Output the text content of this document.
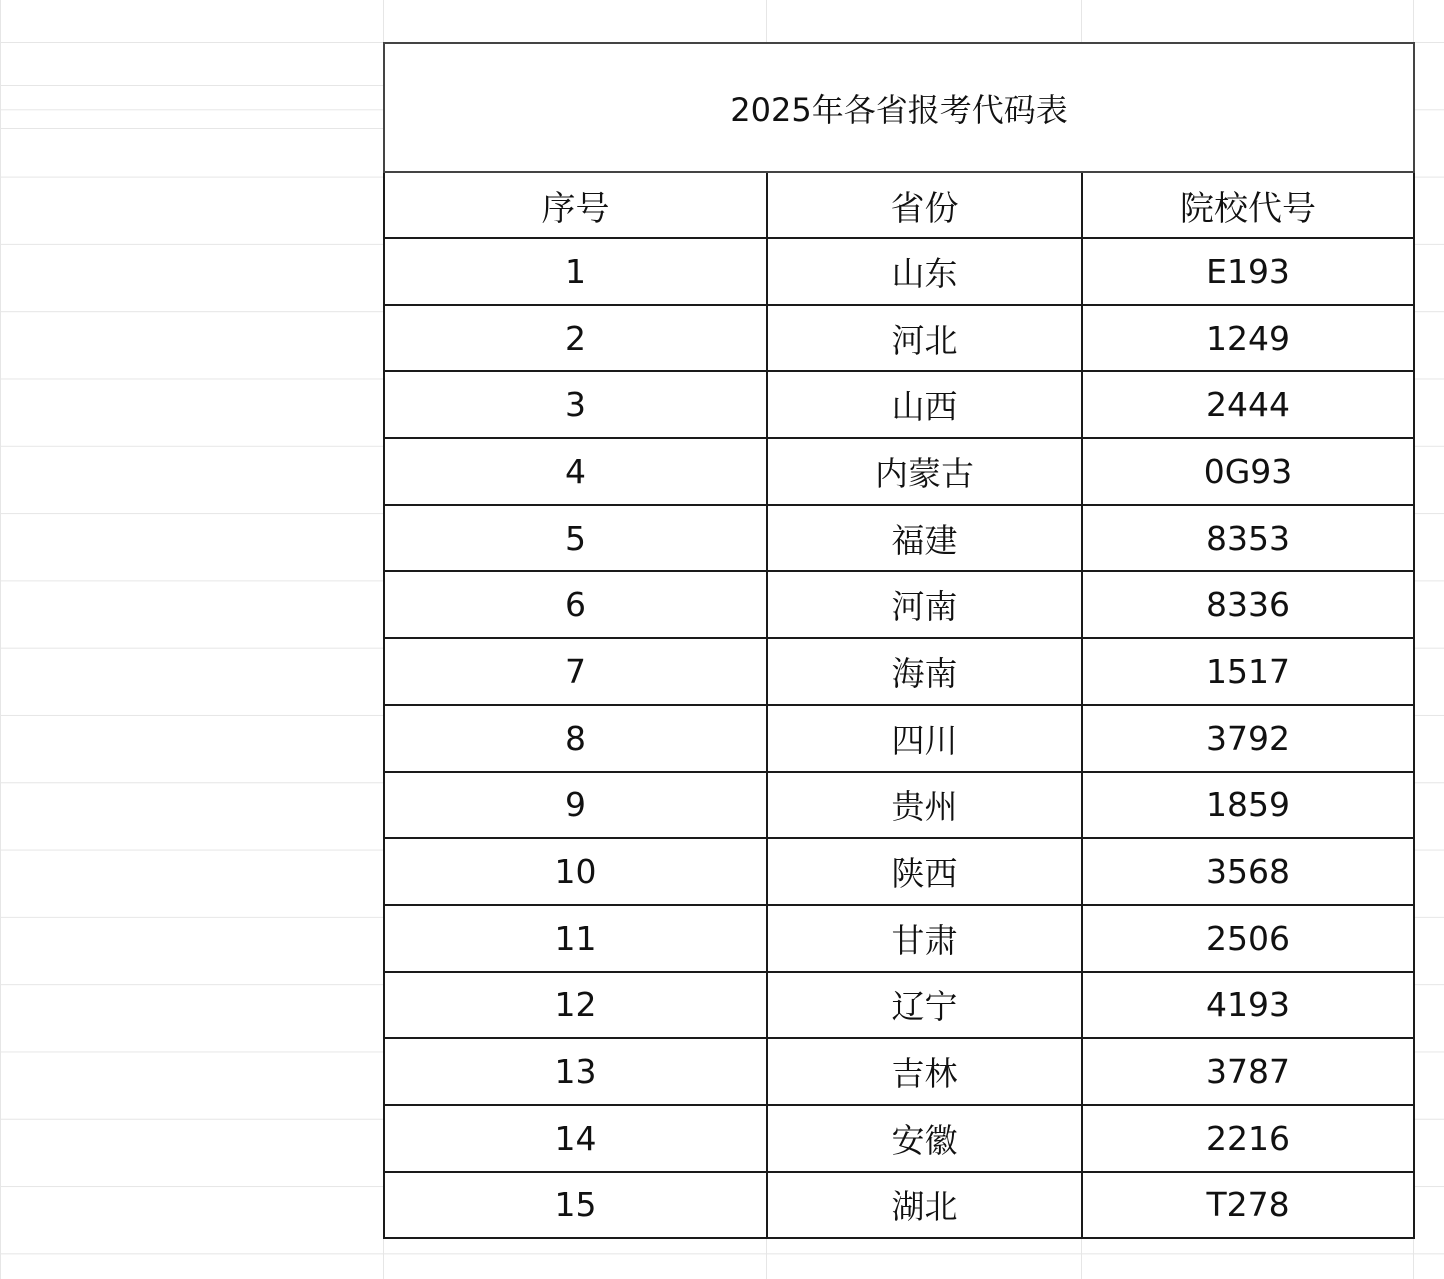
2025年各省报考代码表		
序号	省份	院校代号
1	山东	E193
2	河北	1249
3	山西	2444
4	内蒙古	0G93
5	福建	8353
6	河南	8336
7	海南	1517
8	四川	3792
9	贵州	1859
10	陕西	3568
11	甘肃	2506
12	辽宁	4193
13	吉林	3787
14	安徽	2216
15	湖北	T278
